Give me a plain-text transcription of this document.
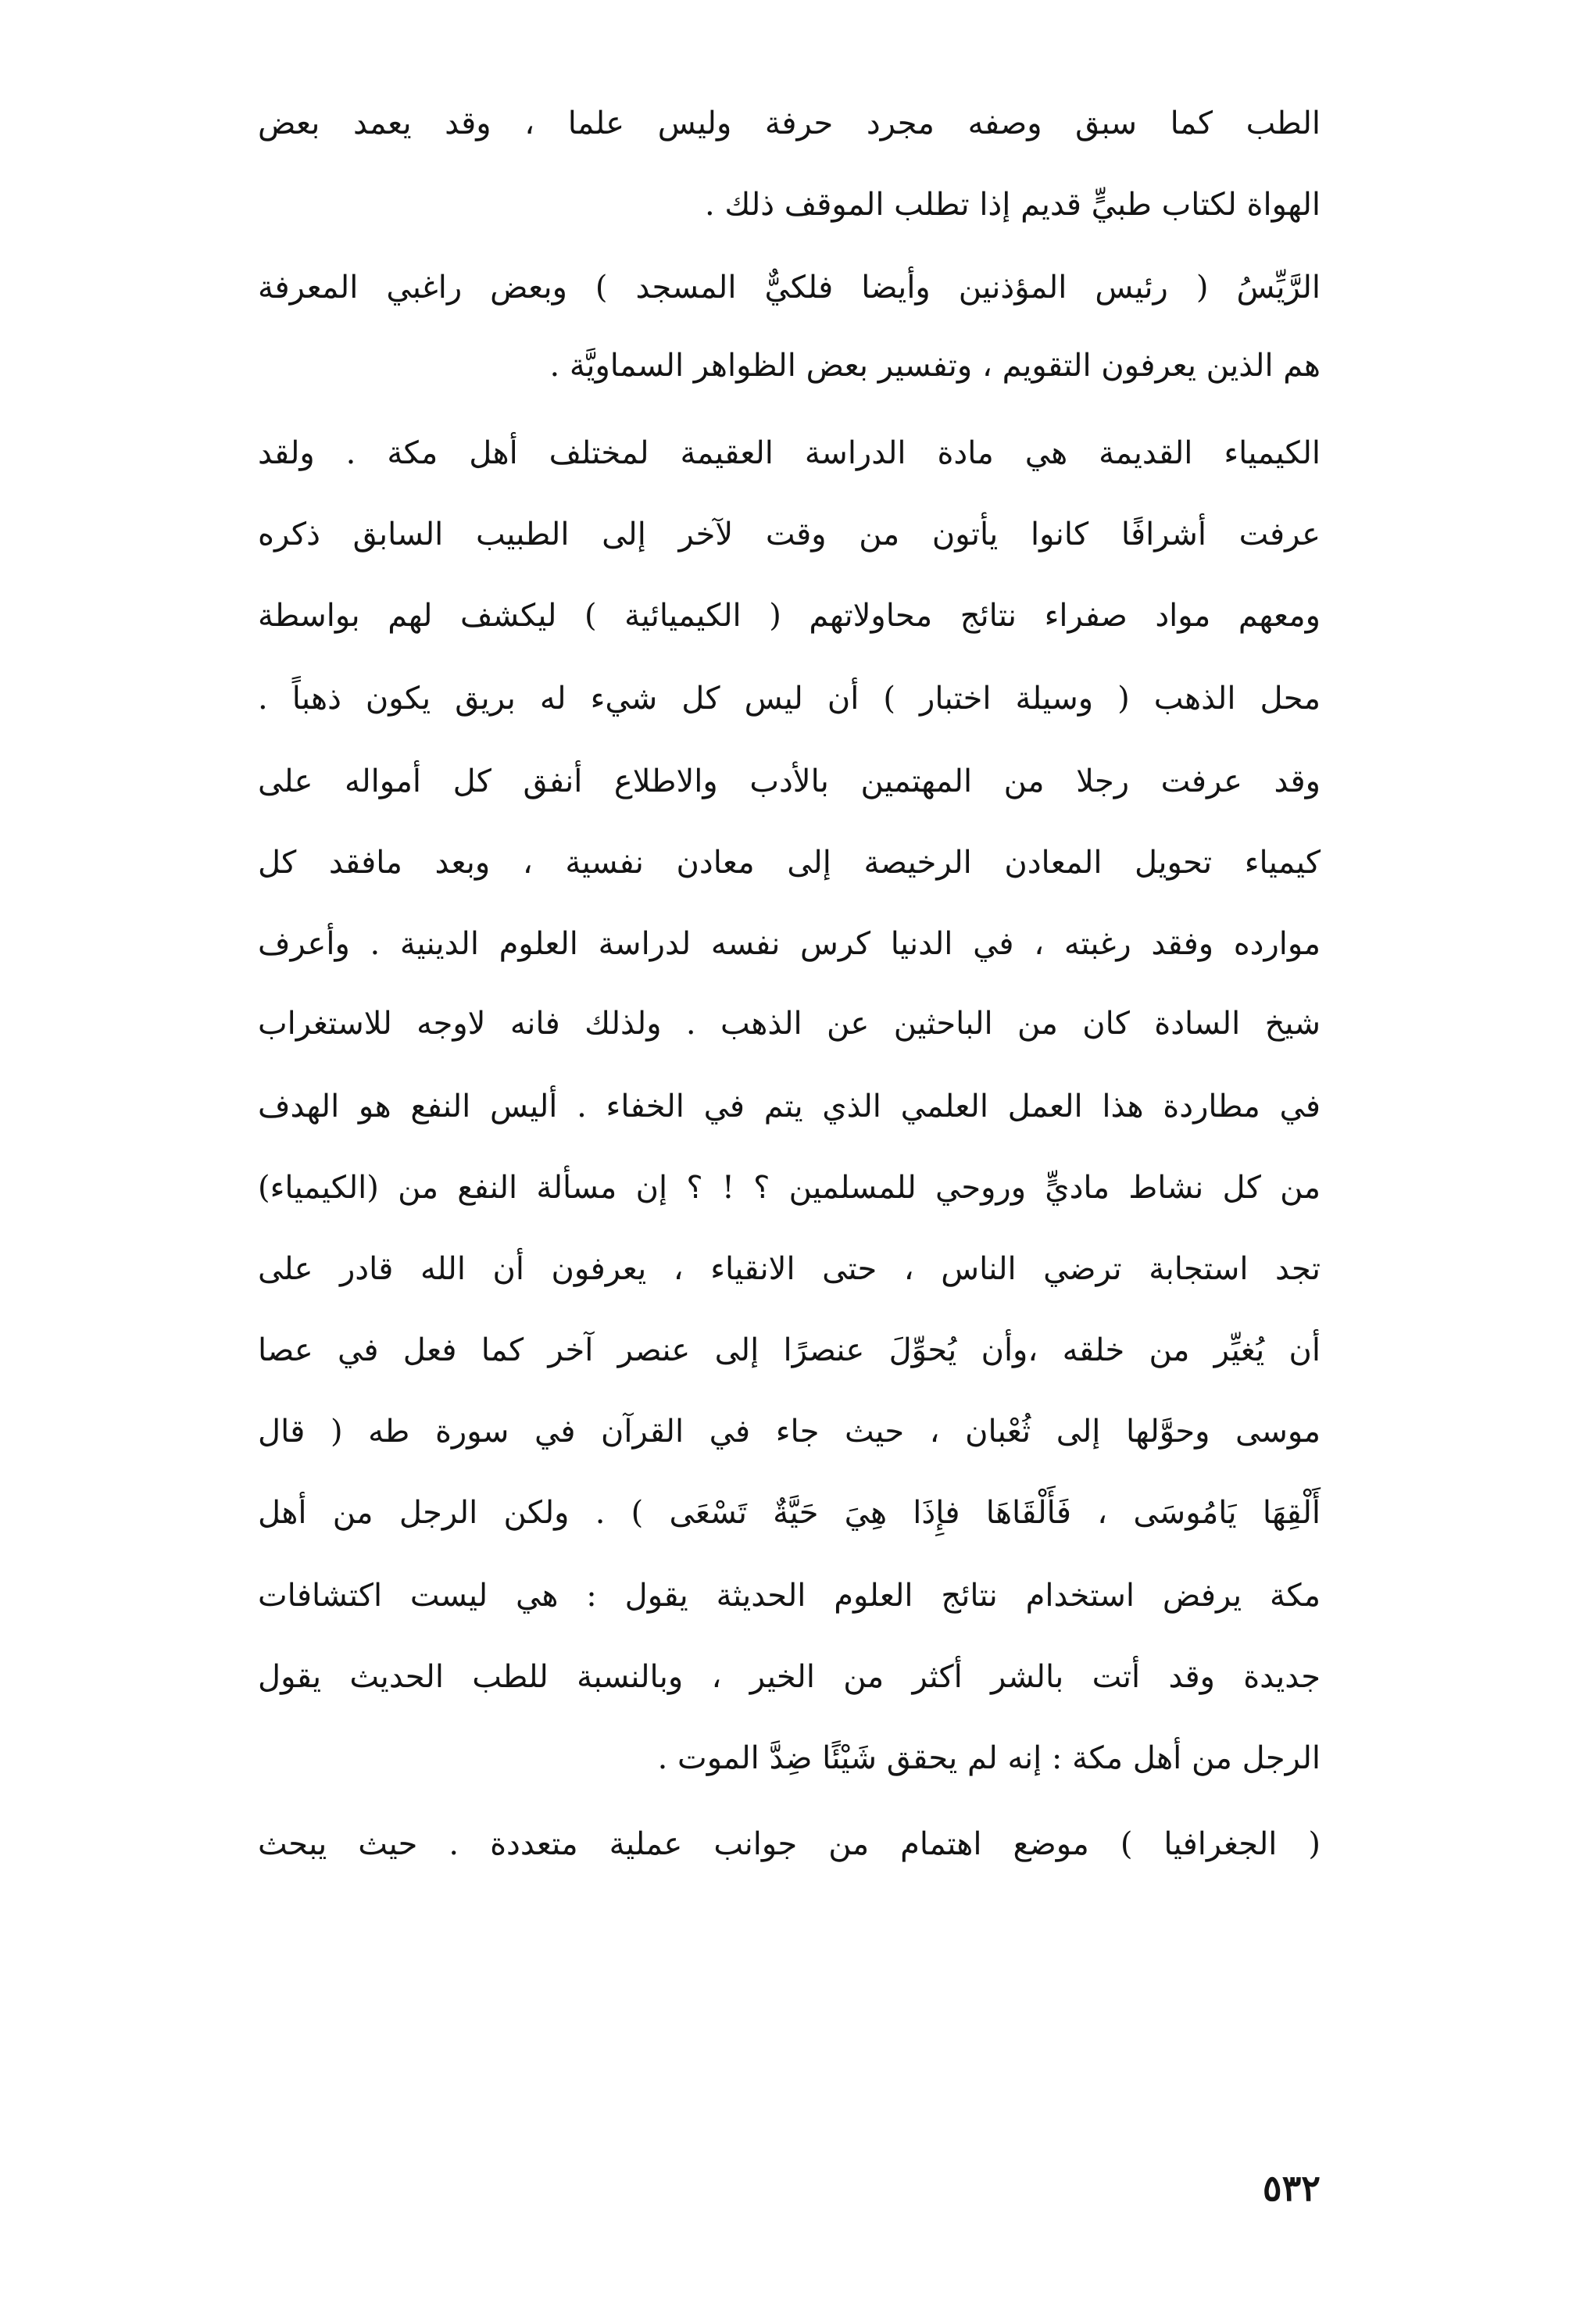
الطب كما سبق وصفه مجرد حرفة وليس علما ، وقد يعمد بعض
الهواة لكتاب طبيٍّ قديم إذا تطلب الموقف ذلك .
الرَّيِّسُ ( رئيس المؤذنين وأيضا فلكيٌّ المسجد ) وبعض راغبي المعرفة
هم الذين يعرفون التقويم ، وتفسير بعض الظواهر السماويَّة .
الكيمياء القديمة هي مادة الدراسة العقيمة لمختلف أهل مكة . ولقد
عرفت أشرافًا كانوا يأتون من وقت لآخر إلى الطبيب السابق ذكره
ومعهم مواد صفراء نتائج محاولاتهم ( الكيميائية ) ليكشف لهم بواسطة
محل الذهب ( وسيلة اختبار ) أن ليس كل شيء له بريق يكون ذهباً .
وقد عرفت رجلا من المهتمين بالأدب والاطلاع أنفق كل أمواله على
كيمياء تحويل المعادن الرخيصة إلى معادن نفسية ، وبعد مافقد كل
موارده وفقد رغبته ، في الدنيا كرس نفسه لدراسة العلوم الدينية . وأعرف
شيخ السادة كان من الباحثين عن الذهب . ولذلك فانه لاوجه للاستغراب
في مطاردة هذا العمل العلمي الذي يتم في الخفاء . أليس النفع هو الهدف
من كل نشاط ماديٍّ وروحي للمسلمين ؟ ! ؟ إن مسألة النفع من (الكيمياء)
تجد استجابة ترضي الناس ، حتى الانقياء ، يعرفون أن الله قادر على
أن يُغيِّر من خلقه ،وأن يُحوِّلَ عنصرًا إلى عنصر آخر كما فعل في عصا
موسى وحوَّلها إلى ثُعْبان ، حيث جاء في القرآن في سورة طه ( قال
أَلْقِهَا يَامُوسَى ، فَأَلْقَاهَا فإِذَا هِيَ حَيَّةٌ تَسْعَى ) . ولكن الرجل من أهل
مكة يرفض استخدام نتائج العلوم الحديثة يقول : هي ليست اكتشافات
جديدة وقد أتت بالشر أكثر من الخير ، وبالنسبة للطب الحديث يقول
الرجل من أهل مكة : إنه لم يحقق شَيْئًا ضِدَّ الموت .
( الجغرافيا ) موضع اهتمام من جوانب عملية متعددة . حيث يبحث
٥٣٢
